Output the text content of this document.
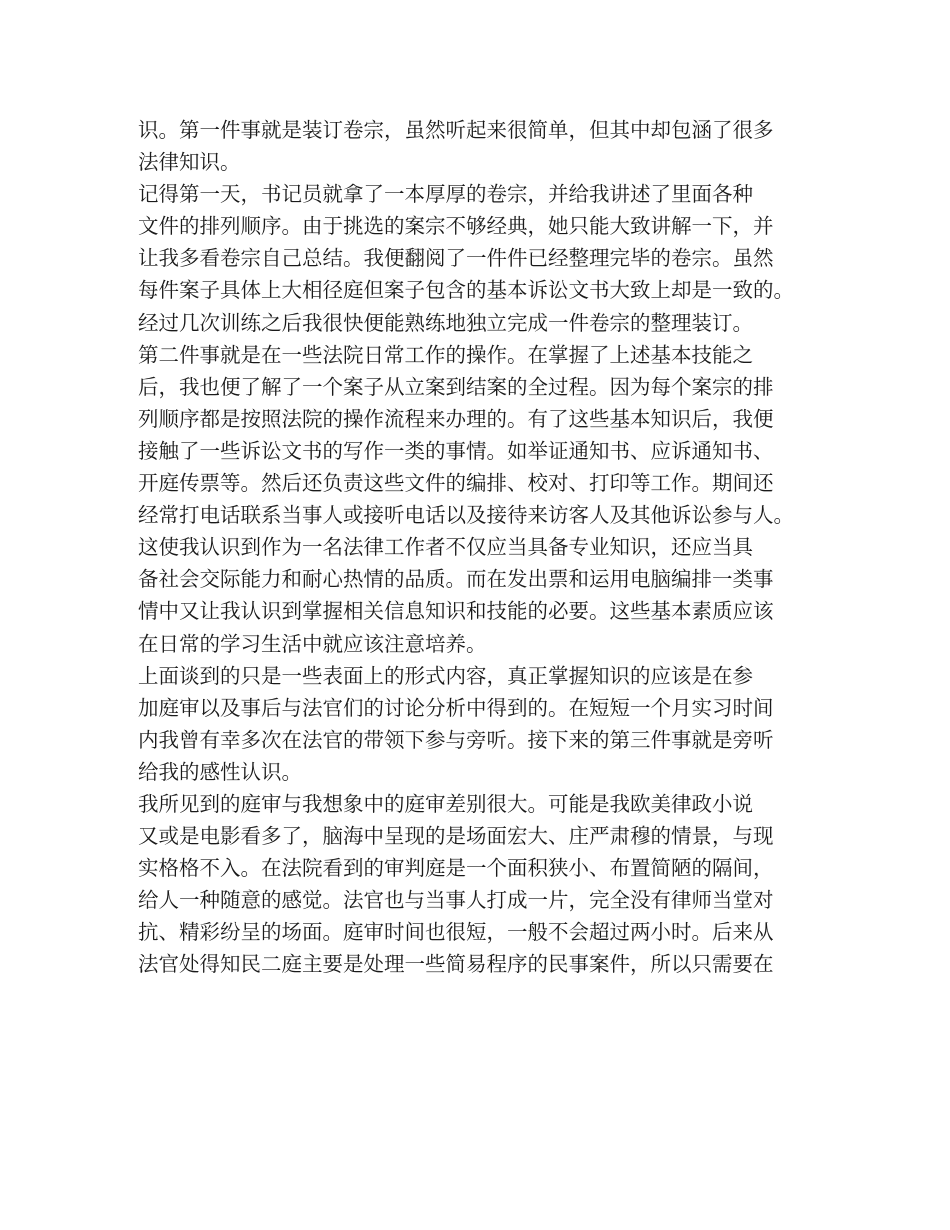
识。第一件事就是装订卷宗，虽然听起来很简单，但其中却包涵了很多
法律知识。
记得第一天，书记员就拿了一本厚厚的卷宗，并给我讲述了里面各种
文件的排列顺序。由于挑选的案宗不够经典，她只能大致讲解一下，并
让我多看卷宗自己总结。我便翻阅了一件件已经整理完毕的卷宗。虽然
每件案子具体上大相径庭但案子包含的基本诉讼文书大致上却是一致的。
经过几次训练之后我很快便能熟练地独立完成一件卷宗的整理装订。
第二件事就是在一些法院日常工作的操作。在掌握了上述基本技能之
后，我也便了解了一个案子从立案到结案的全过程。因为每个案宗的排
列顺序都是按照法院的操作流程来办理的。有了这些基本知识后，我便
接触了一些诉讼文书的写作一类的事情。如举证通知书、应诉通知书、
开庭传票等。然后还负责这些文件的编排、校对、打印等工作。期间还
经常打电话联系当事人或接听电话以及接待来访客人及其他诉讼参与人。
这使我认识到作为一名法律工作者不仅应当具备专业知识，还应当具
备社会交际能力和耐心热情的品质。而在发出票和运用电脑编排一类事
情中又让我认识到掌握相关信息知识和技能的必要。这些基本素质应该
在日常的学习生活中就应该注意培养。
上面谈到的只是一些表面上的形式内容，真正掌握知识的应该是在参
加庭审以及事后与法官们的讨论分析中得到的。在短短一个月实习时间
内我曾有幸多次在法官的带领下参与旁听。接下来的第三件事就是旁听
给我的感性认识。
我所见到的庭审与我想象中的庭审差别很大。可能是我欧美律政小说
又或是电影看多了，脑海中呈现的是场面宏大、庄严肃穆的情景，与现
实格格不入。在法院看到的审判庭是一个面积狭小、布置简陋的隔间，
给人一种随意的感觉。法官也与当事人打成一片，完全没有律师当堂对
抗、精彩纷呈的场面。庭审时间也很短，一般不会超过两小时。后来从
法官处得知民二庭主要是处理一些简易程序的民事案件，所以只需要在
